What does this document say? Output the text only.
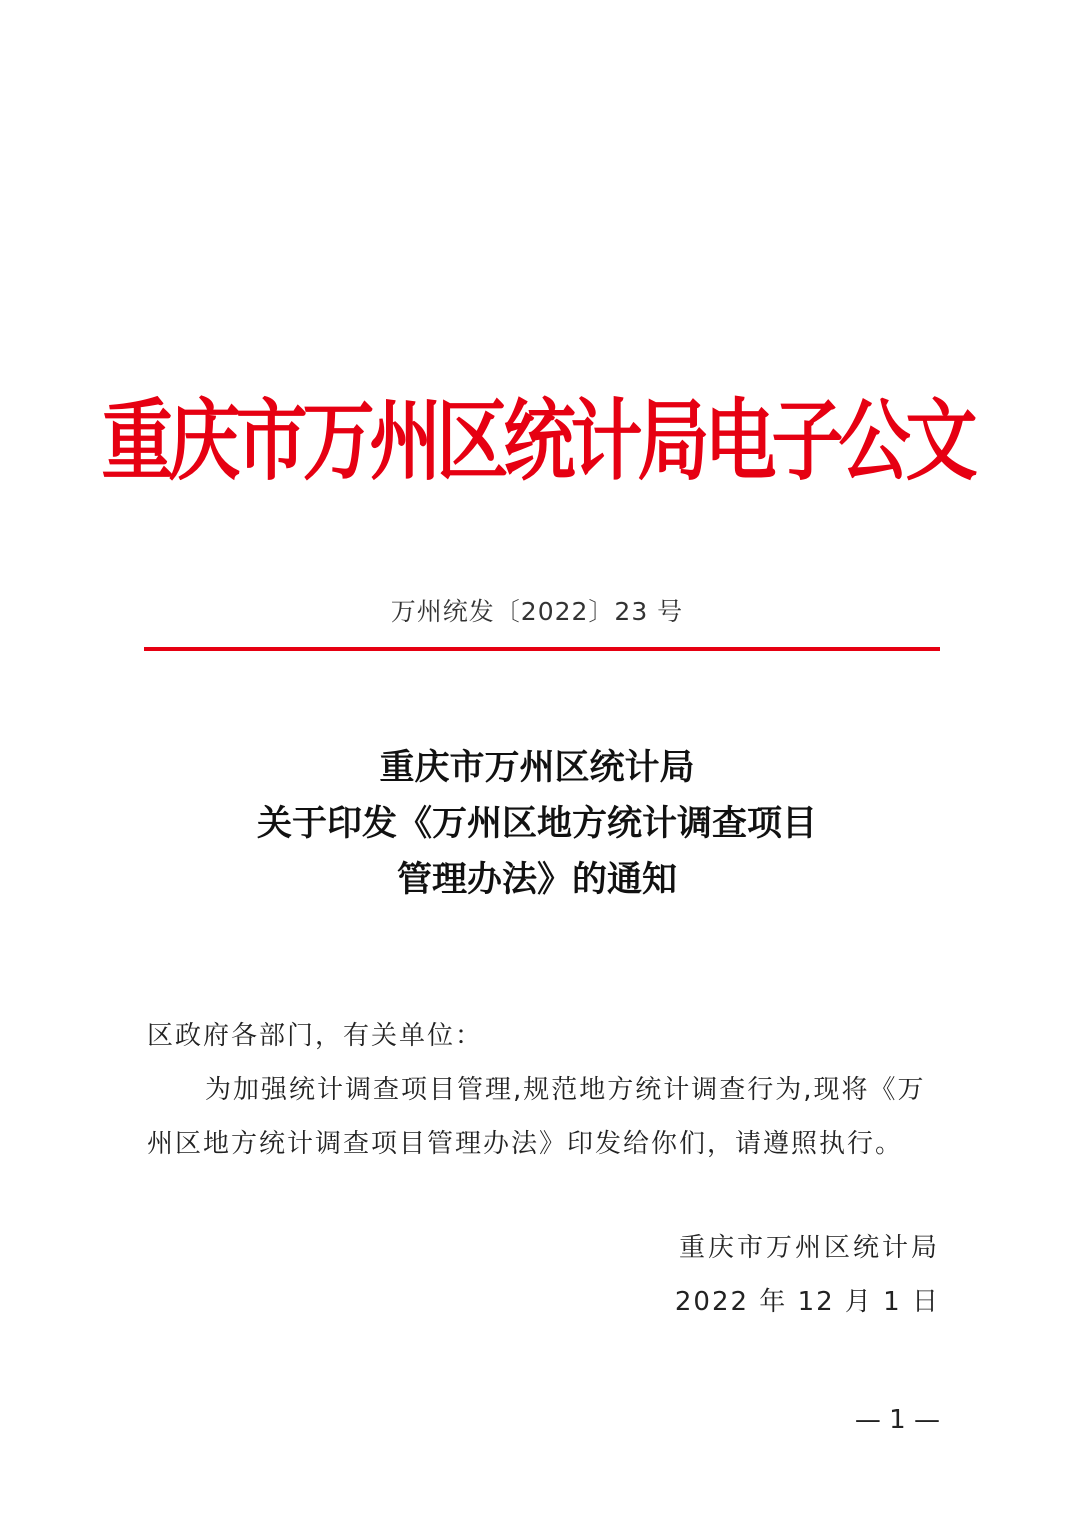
重庆市万州区统计局电子公文
万州统发〔2022〕23 号
重庆市万州区统计局
关于印发《万州区地方统计调查项目
管理办法》的通知
区政府各部门，有关单位：
为加强统计调查项目管理,规范地方统计调查行为,现将《万
州区地方统计调查项目管理办法》印发给你们，请遵照执行。
重庆市万州区统计局
2022 年 12 月 1 日
— 1 —
